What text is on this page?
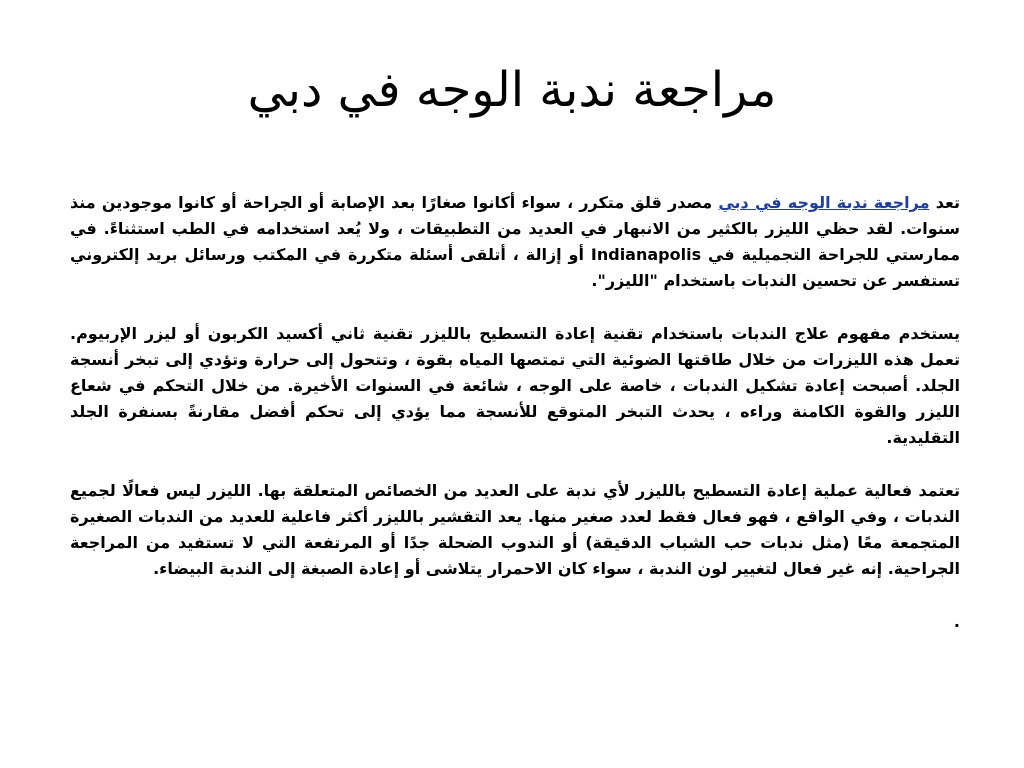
مراجعة ندبة الوجه في دبي

تعد مراجعة ندبة الوجه في دبي مصدر قلق متكرر ، سواء أكانوا صغارًا بعد الإصابة أو الجراحة أو كانوا موجودين منذ سنوات. لقد حظي الليزر بالكثير من الانبهار في العديد من التطبيقات ، ولا يُعد استخدامه في الطب استثناءً. في ممارستي للجراحة التجميلية في Indianapolis أو إزالة ، أتلقى أسئلة متكررة في المكتب ورسائل بريد إلكتروني تستفسر عن تحسين الندبات باستخدام "الليزر".

يستخدم مفهوم علاج الندبات باستخدام تقنية إعادة التسطيح بالليزر تقنية ثاني أكسيد الكربون أو ليزر الإربيوم. تعمل هذه الليزرات من خلال طاقتها الضوئية التي تمتصها المياه بقوة ، وتتحول إلى حرارة وتؤدي إلى تبخر أنسجة الجلد. أصبحت إعادة تشكيل الندبات ، خاصة على الوجه ، شائعة في السنوات الأخيرة. من خلال التحكم في شعاع الليزر والقوة الكامنة وراءه ، يحدث التبخر المتوقع للأنسجة مما يؤدي إلى تحكم أفضل مقارنةً بسنفرة الجلد التقليدية.

تعتمد فعالية عملية إعادة التسطيح بالليزر لأي ندبة على العديد من الخصائص المتعلقة بها. الليزر ليس فعالًا لجميع الندبات ، وفي الواقع ، فهو فعال فقط لعدد صغير منها. يعد التقشير بالليزر أكثر فاعلية للعديد من الندبات الصغيرة المتجمعة معًا (مثل ندبات حب الشباب الدقيقة) أو الندوب الضحلة جدًا أو المرتفعة التي لا تستفيد من المراجعة الجراحية. إنه غير فعال لتغيير لون الندبة ، سواء كان الاحمرار يتلاشى أو إعادة الصبغة إلى الندبة البيضاء.

.
